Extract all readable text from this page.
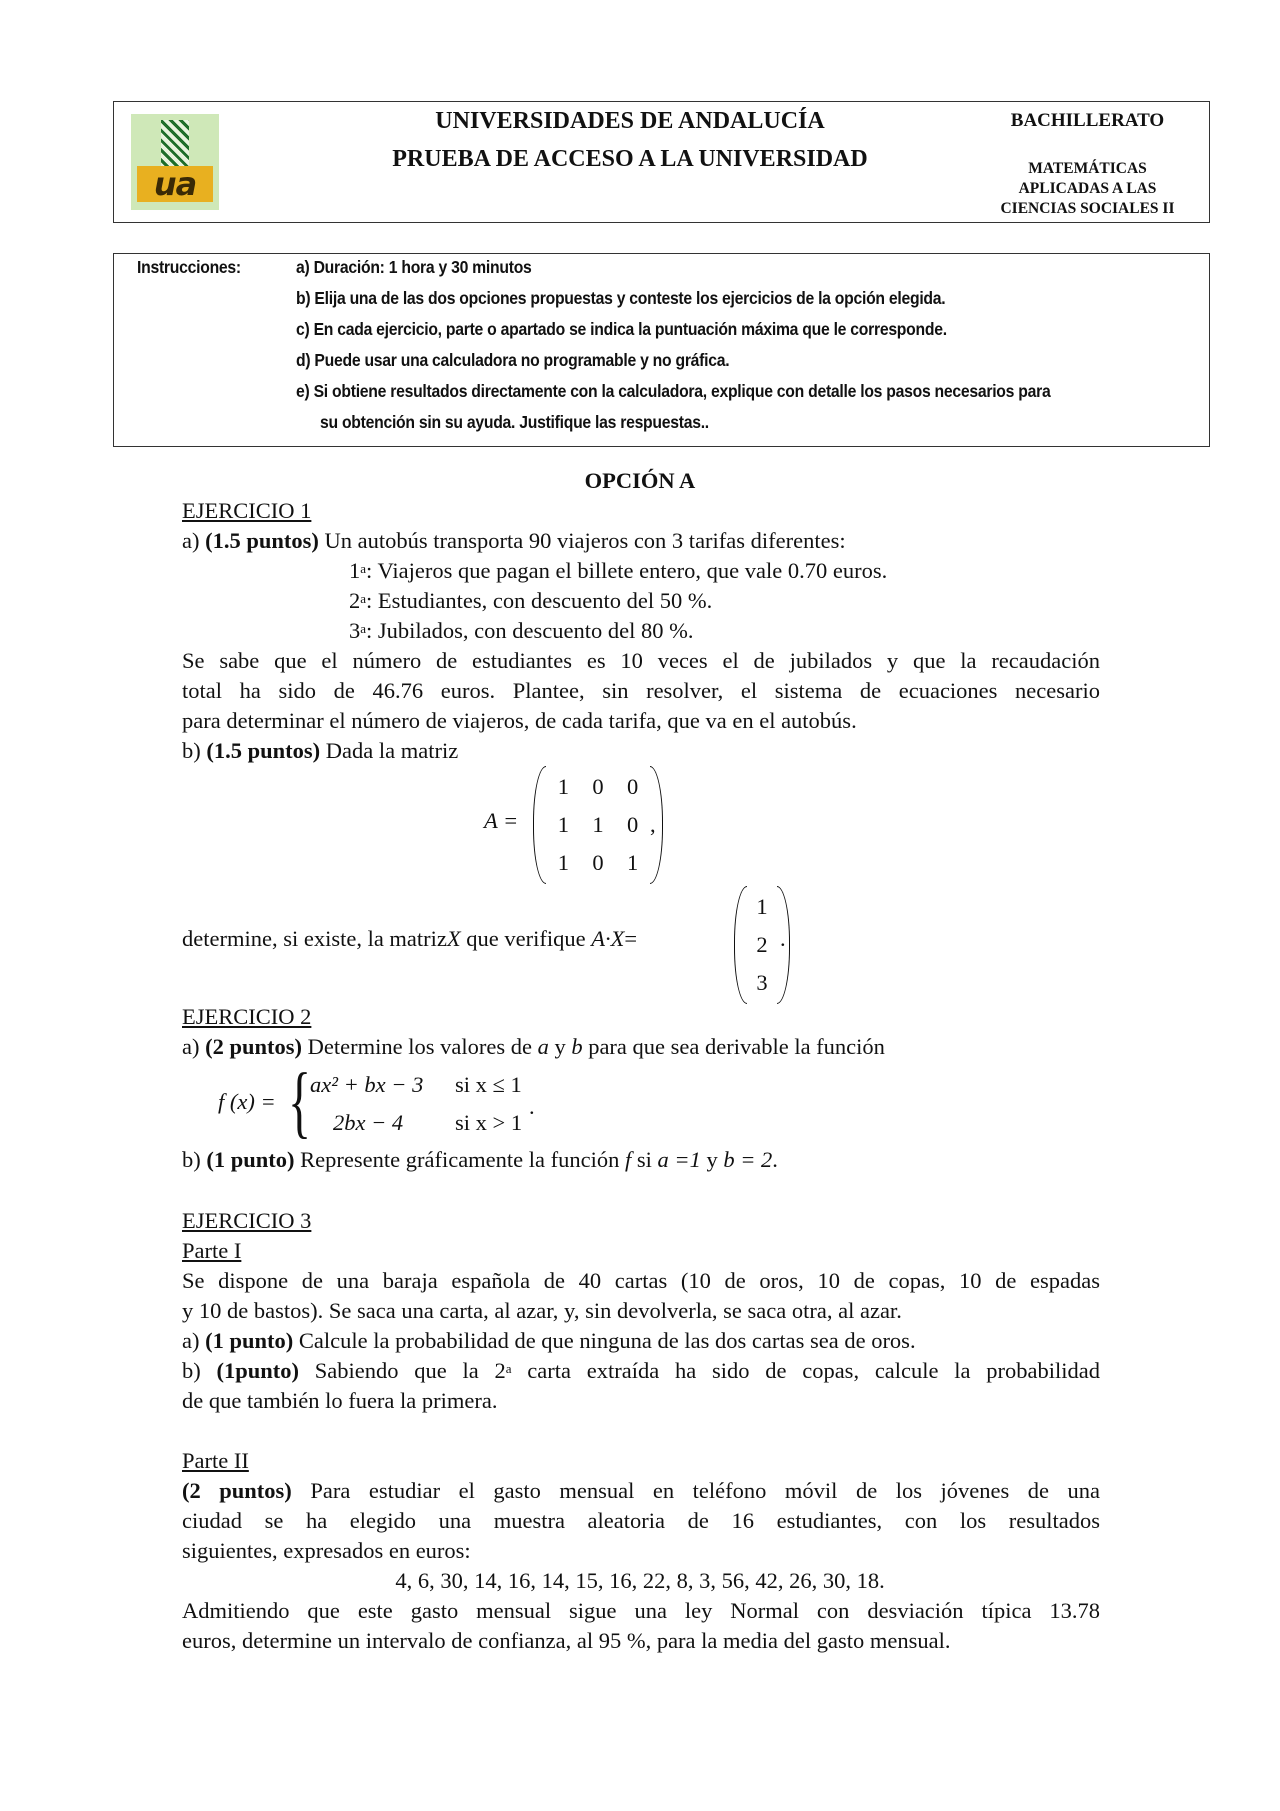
ua
UNIVERSIDADES DE ANDALUCÍA
PRUEBA DE ACCESO A LA UNIVERSIDAD
BACHILLERATO
MATEMÁTICAS
APLICADAS A LAS
CIENCIAS SOCIALES II
Instrucciones:	a) Duración: 1 hora y 30 minutos
b) Elija una de las dos opciones propuestas y conteste los ejercicios de la opción elegida.
c) En cada ejercicio, parte o apartado se indica la puntuación máxima que le corresponde.
d) Puede usar una calculadora no programable y no gráfica.
e) Si obtiene resultados directamente con la calculadora, explique con detalle los pasos necesarios para
su obtención sin su ayuda. Justifique las respuestas..
OPCIÓN A
EJERCICIO 1
a) (1.5 puntos) Un autobús transporta 90 viajeros con 3 tarifas diferentes:
1$^a$: Viajeros que pagan el billete entero, que vale 0.70 euros.
2$^a$: Estudiantes, con descuento del 50 %.
3$^a$: Jubilados, con descuento del 80 %.
Se sabe que el número de estudiantes es 10 veces el de jubilados y que la recaudación
total ha sido de 46.76 euros. Plantee, sin resolver, el sistema de ecuaciones necesario
para determinar el número de viajeros, de cada tarifa, que va en el autobús.
b) (1.5 puntos) Dada la matriz
A =
1	0	0
1	1	0
1	0	1
,
determine, si existe, la matrizX que verifique A·X=
1
2
3
.
EJERCICIO 2
a) (2 puntos) Determine los valores de a y b para que sea derivable la función
f (x) = {
ax² + bx − 3 si x ≤ 1
2bx − 4 si x > 1
.
b) (1 punto) Represente gráficamente la función f si a =1 y b = 2.
EJERCICIO 3
Parte I
Se dispone de una baraja española de 40 cartas (10 de oros, 10 de copas, 10 de espadas
y 10 de bastos). Se saca una carta, al azar, y, sin devolverla, se saca otra, al azar.
a) (1 punto) Calcule la probabilidad de que ninguna de las dos cartas sea de oros.
b) (1punto) Sabiendo que la 2$^a$ carta extraída ha sido de copas, calcule la probabilidad
de que también lo fuera la primera.
Parte II
(2 puntos) Para estudiar el gasto mensual en teléfono móvil de los jóvenes de una
ciudad se ha elegido una muestra aleatoria de 16 estudiantes, con los resultados
siguientes, expresados en euros:
4, 6, 30, 14, 16, 14, 15, 16, 22, 8, 3, 56, 42, 26, 30, 18.
Admitiendo que este gasto mensual sigue una ley Normal con desviación típica 13.78
euros, determine un intervalo de confianza, al 95 %, para la media del gasto mensual.
